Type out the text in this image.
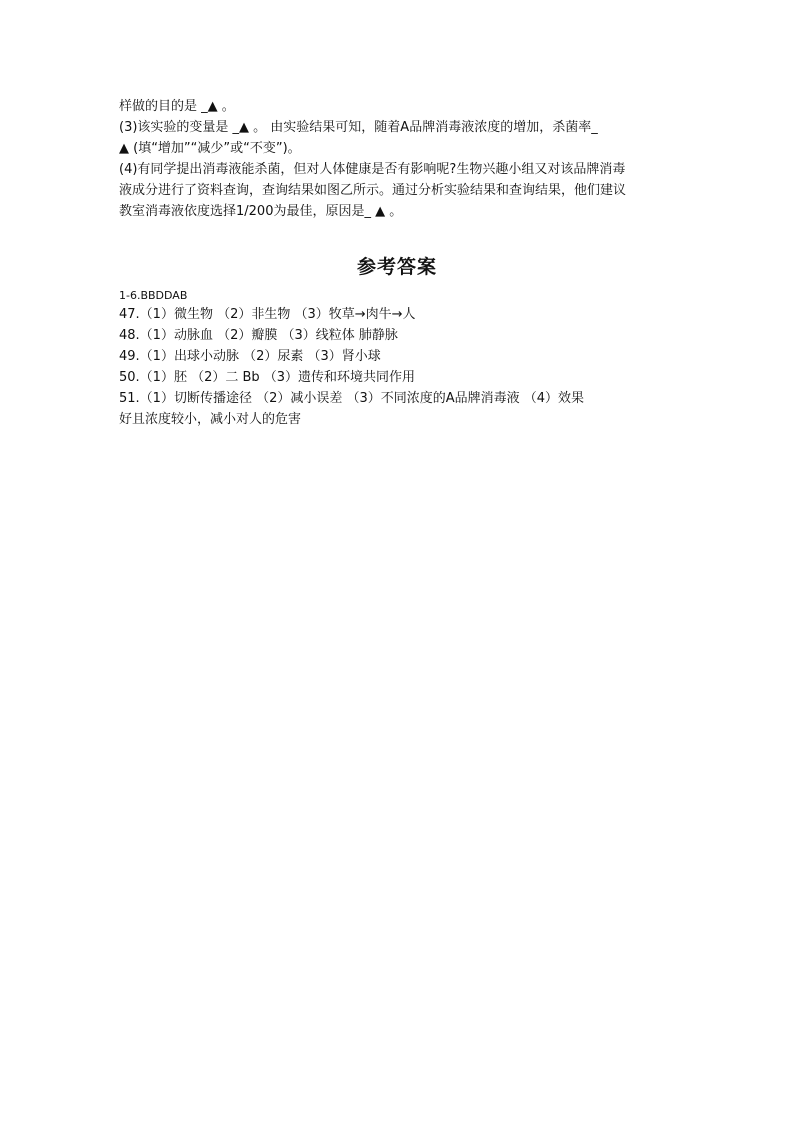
样做的目的是 _▲ 。

(3)该实验的变量是 _▲ 。 由实验结果可知，随着A品牌消毒液浓度的增加，杀菌率_

▲ (填“增加”“减少”或“不变”)。

(4)有同学提出消毒液能杀菌，但对人体健康是否有影响呢?生物兴趣小组又对该品牌消毒

液成分进行了资料查询，查询结果如图乙所示。通过分析实验结果和查询结果，他们建议

教室消毒液依度选择1/200为最佳，原因是_ ▲ 。

参考答案

1-6.BBDDAB

47.（1）微生物 （2）非生物 （3）牧草→肉牛→人

48.（1）动脉血 （2）瓣膜 （3）线粒体 肺静脉

49.（1）出球小动脉 （2）尿素 （3）肾小球

50.（1）胚 （2）二 Bb （3）遗传和环境共同作用

51.（1）切断传播途径 （2）减小误差 （3）不同浓度的A品牌消毒液 （4）效果

好且浓度较小，减小对人的危害
